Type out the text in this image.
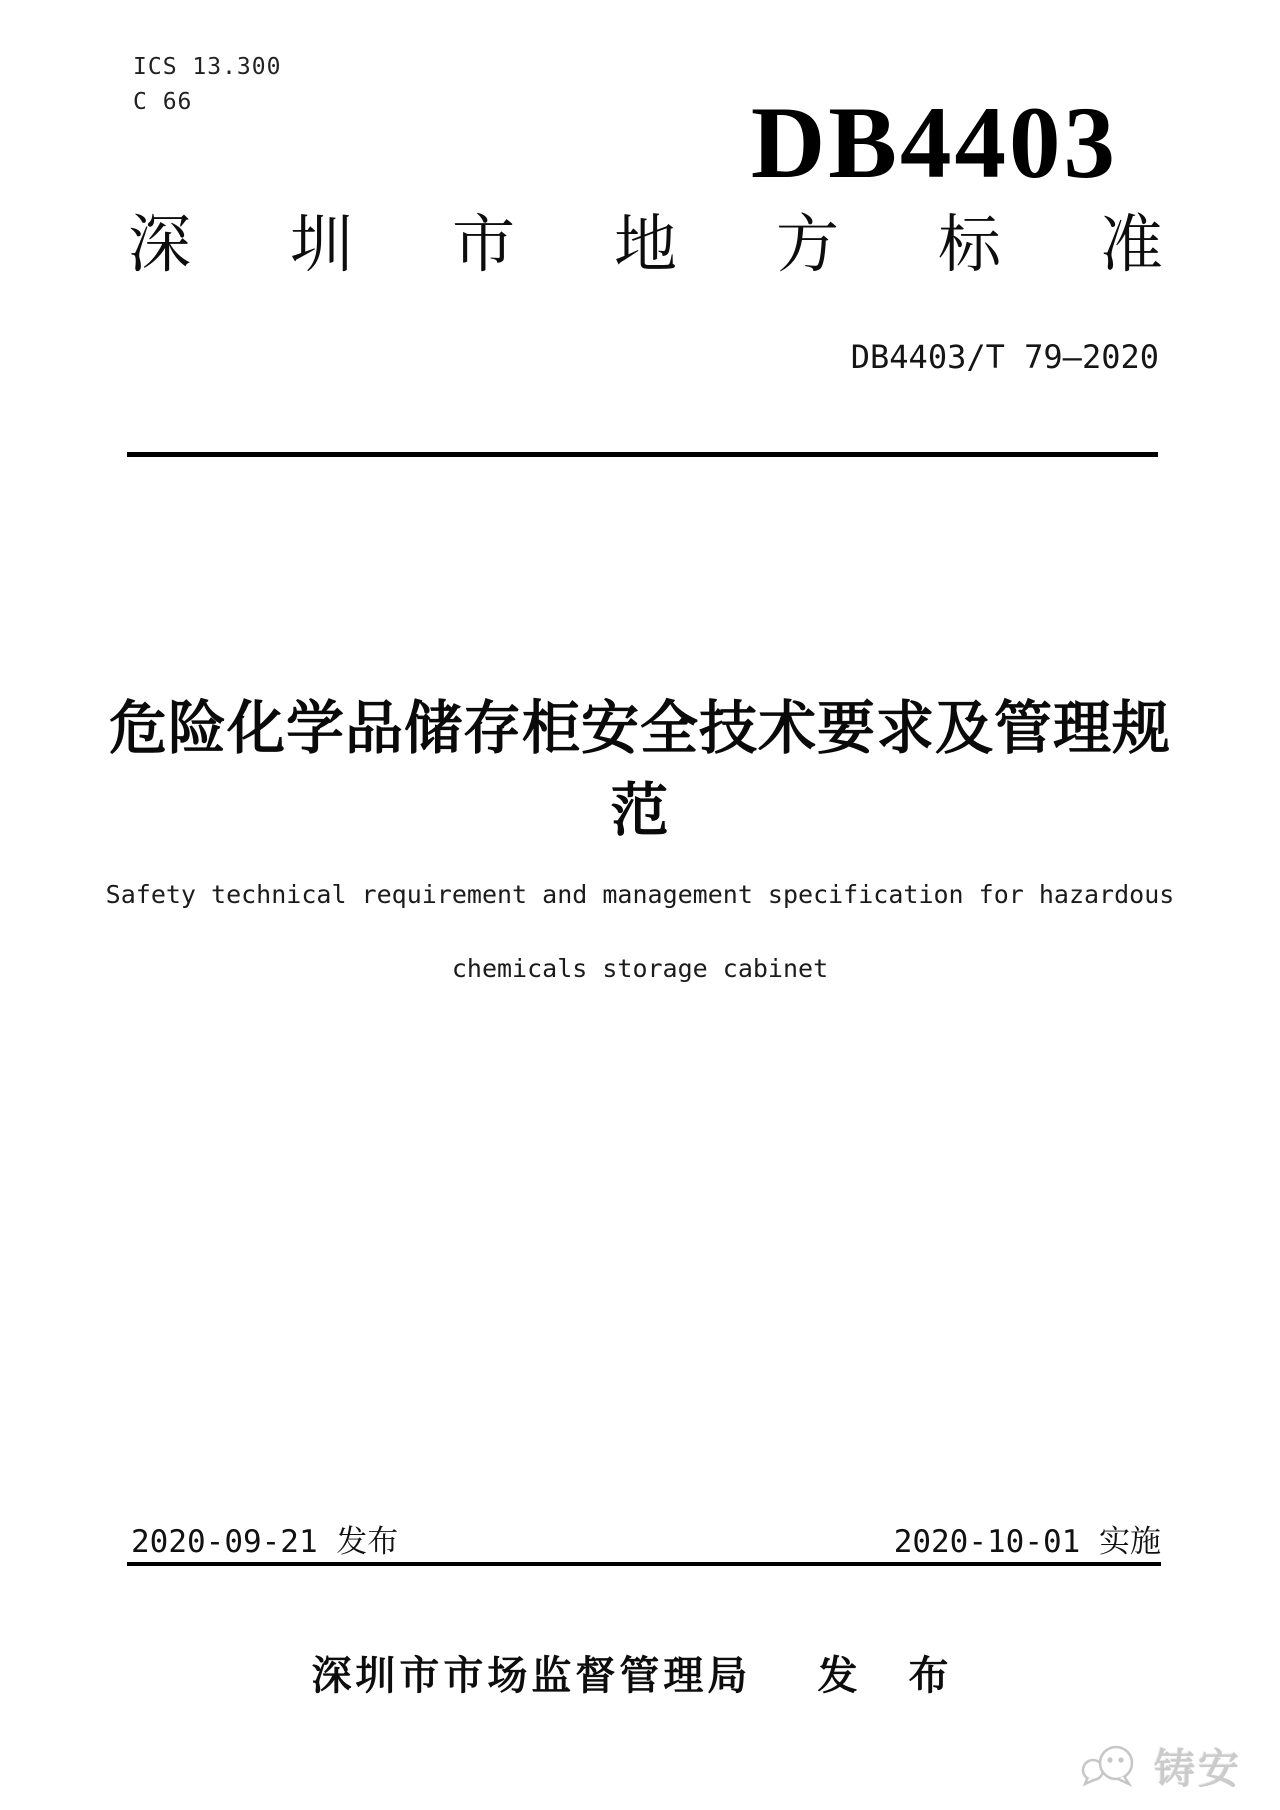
ICS 13.300
C 66	DB4403
深 圳 市 地 方 标 准
DB4403/T 79—2020
危险化学品储存柜安全技术要求及管理规
范
Safety technical requirement and management specification for hazardous
chemicals storage cabinet
2020-09-21 发布	2020-10-01 实施
深圳市市场监督管理局 发 布
铸安
